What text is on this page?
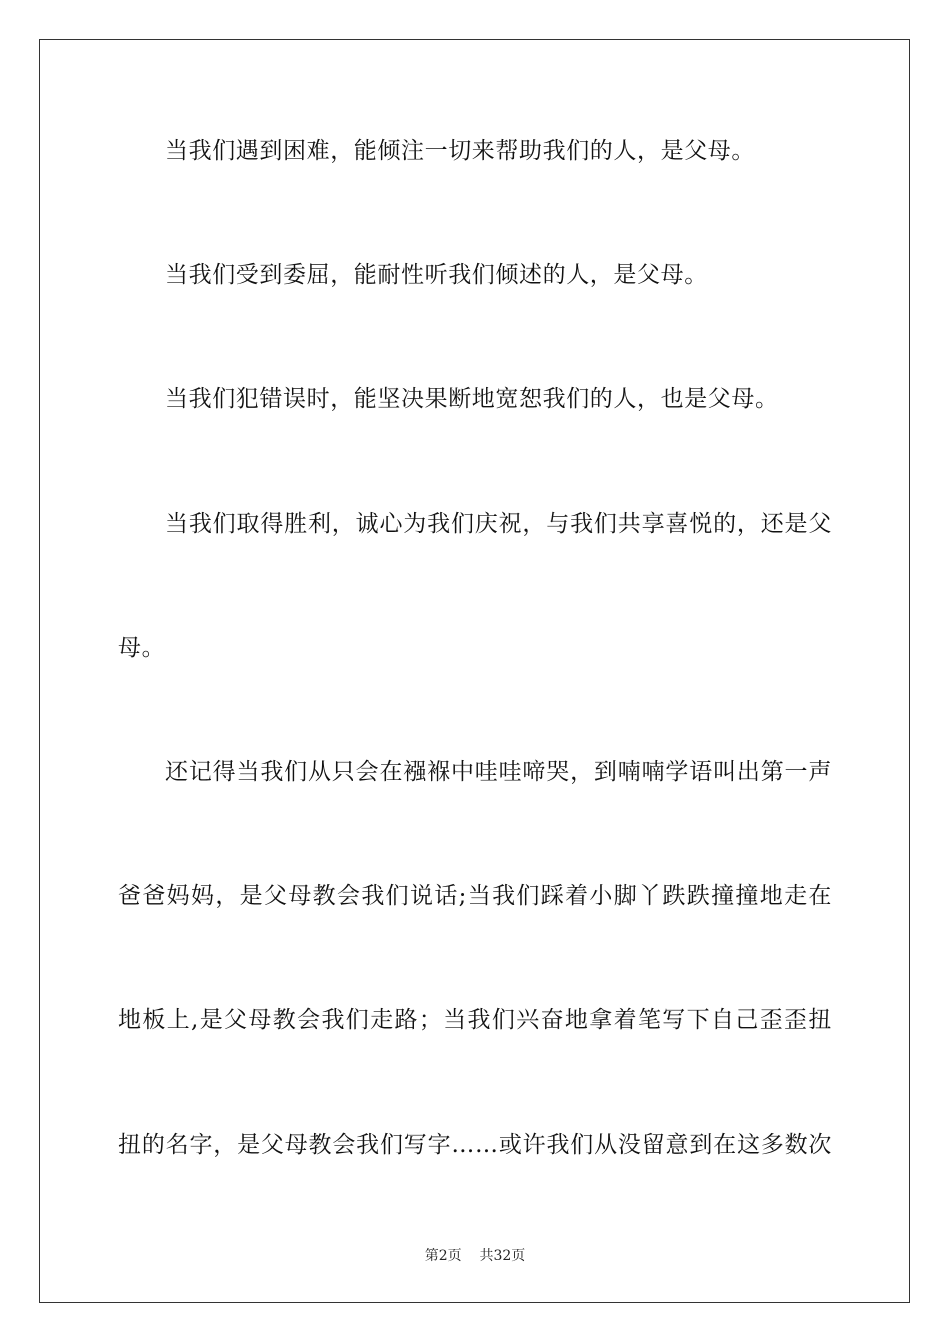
当我们遇到困难，能倾注一切来帮助我们的人，是父母。
当我们受到委屈，能耐性听我们倾述的人，是父母。
当我们犯错误时，能坚决果断地宽恕我们的人，也是父母。
当我们取得胜利，诚心为我们庆祝，与我们共享喜悦的，还是父
母。
还记得当我们从只会在襁褓中哇哇啼哭，到喃喃学语叫出第一声
爸爸妈妈，是父母教会我们说话;当我们踩着小脚丫跌跌撞撞地走在
地板上,是父母教会我们走路；当我们兴奋地拿着笔写下自己歪歪扭
扭的名字，是父母教会我们写字……或许我们从没留意到在这多数次
第2页 共32页
